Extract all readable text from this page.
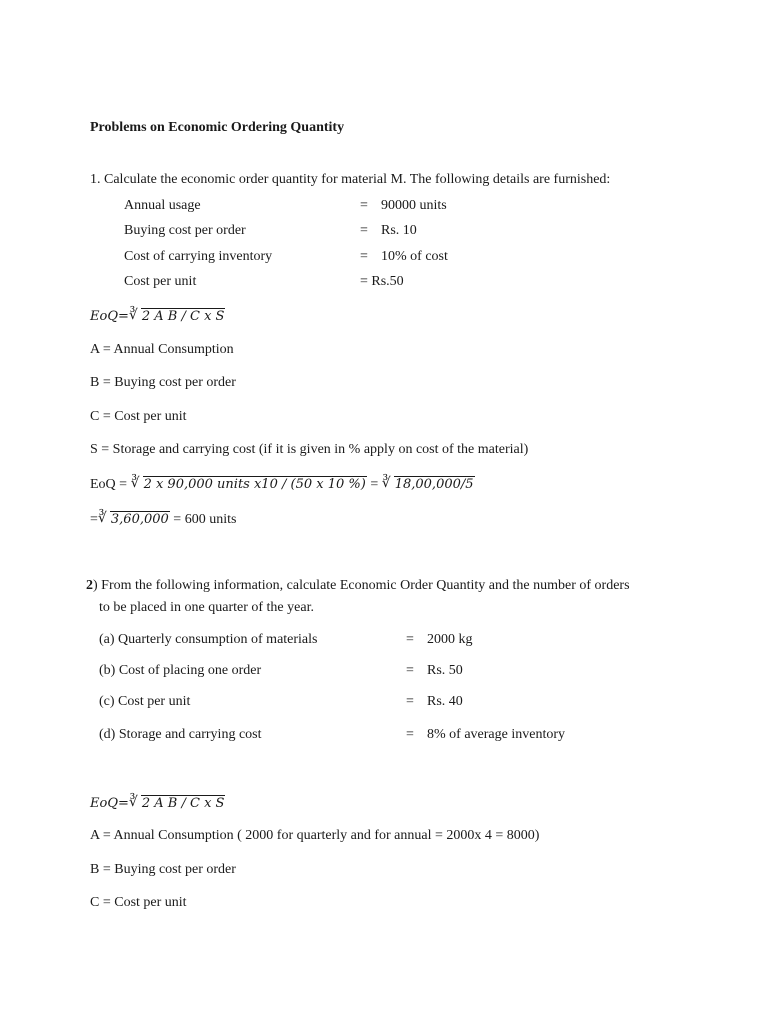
Problems on Economic Ordering Quantity
1. Calculate the economic order quantity for material M. The following details are furnished:
Annual usage	= 90000 units
Buying cost per order	= Rs. 10
Cost of carrying inventory	= 10% of cost
Cost per unit	= Rs.50
EoQ= ∛ 2 A B / C x S
A = Annual Consumption
B = Buying cost per order
C = Cost per unit
S = Storage and carrying cost (if it is given in % apply on cost of the material)
EoQ = ∛ 2 x 90,000 units x10 / (50 x 10 %) = ∛ 18,00,000/5
= ∛ 3,60,000 = 600 units
2) From the following information, calculate Economic Order Quantity and the number of orders
to be placed in one quarter of the year.
(a) Quarterly consumption of materials	= 2000 kg
(b) Cost of placing one order	= Rs. 50
(c) Cost per unit	= Rs. 40
(d) Storage and carrying cost	= 8% of average inventory
EoQ= ∛ 2 A B / C x S
A = Annual Consumption ( 2000 for quarterly and for annual = 2000x 4 = 8000)
B = Buying cost per order
C = Cost per unit
